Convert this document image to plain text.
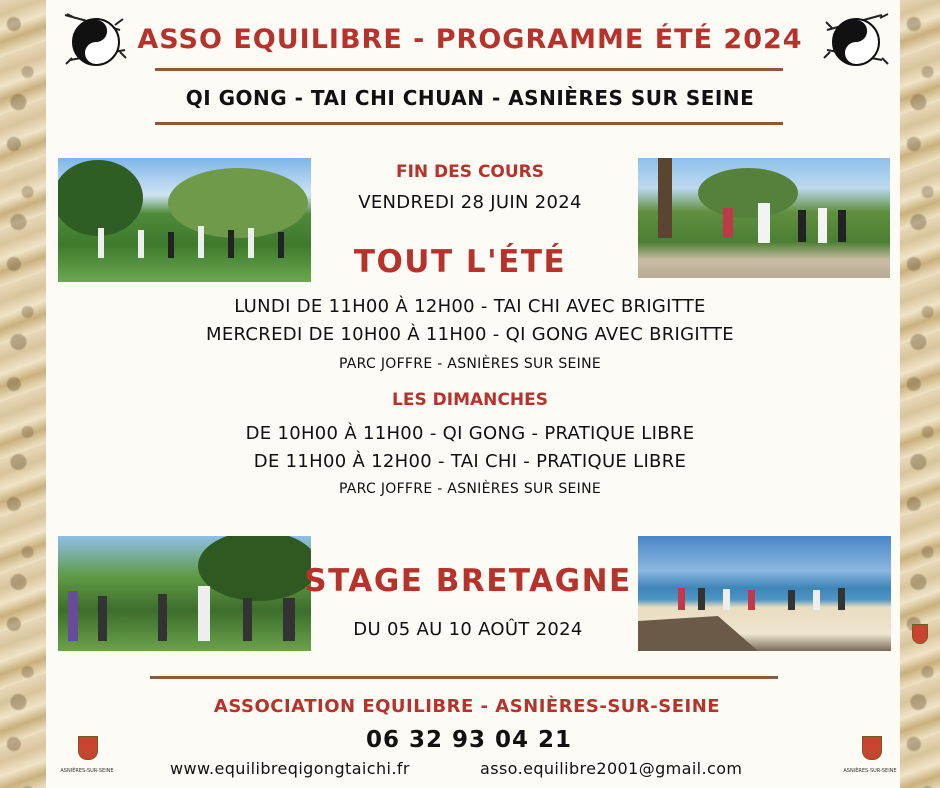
ASSO EQUILIBRE - PROGRAMME ÉTÉ 2024
QI GONG - TAI CHI CHUAN - ASNIÈRES SUR SEINE
FIN DES COURS
VENDREDI 28 JUIN 2024
TOUT L'ÉTÉ
LUNDI DE 11H00 À 12H00 - TAI CHI AVEC BRIGITTE
MERCREDI DE 10H00 À 11H00 - QI GONG AVEC BRIGITTE
PARC JOFFRE - ASNIÈRES SUR SEINE
LES DIMANCHES
DE 10H00 À 11H00 - QI GONG - PRATIQUE LIBRE
DE 11H00 À 12H00 - TAI CHI - PRATIQUE LIBRE
PARC JOFFRE - ASNIÈRES SUR SEINE
STAGE BRETAGNE
DU 05 AU 10 AOÛT 2024
ASSOCIATION EQUILIBRE - ASNIÈRES-SUR-SEINE
06 32 93 04 21
www.equilibreqigongtaichi.fr	asso.equilibre2001@gmail.com
ASNIÈRES-SUR-SEINE	ASNIÈRES-SUR-SEINE
